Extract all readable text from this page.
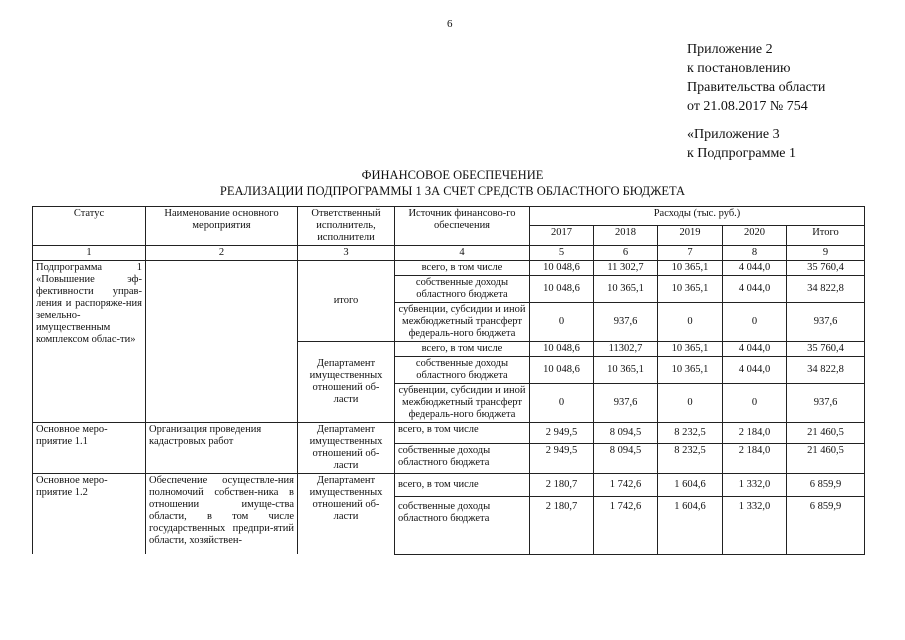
6
Приложение 2
к постановлению
Правительства области
от 21.08.2017 № 754
«Приложение 3
к Подпрограмме 1
ФИНАНСОВОЕ ОБЕСПЕЧЕНИЕ
РЕАЛИЗАЦИИ ПОДПРОГРАММЫ 1 ЗА СЧЕТ СРЕДСТВ ОБЛАСТНОГО БЮДЖЕТА
Статус	Наименование основного мероприятия	Ответственный исполнитель, исполнители	Источник финансово-го обеспечения	Расходы (тыс. руб.)				
				2017	2018	2019	2020	Итого
1	2	3	4	5	6	7	8	9
Подпрограмма 1 «Повышение эф-фективности управ-ления и распоряже-ния земельно-имущественным комплексом облас-ти»		итого	всего, в том числе	10 048,6	11 302,7	10 365,1	4 044,0	35 760,4
			собственные доходы областного бюджета	10 048,6	10 365,1	10 365,1	4 044,0	34 822,8
			субвенции, субсидии и иной межбюджетный трансферт федераль-ного бюджета	0	937,6	0	0	937,6
		Департамент имущественных отношений об-ласти	всего, в том числе	10 048,6	11302,7	10 365,1	4 044,0	35 760,4
			собственные доходы областного бюджета	10 048,6	10 365,1	10 365,1	4 044,0	34 822,8
			субвенции, субсидии и иной межбюджетный трансферт федераль-ного бюджета	0	937,6	0	0	937,6
Основное меро-приятие 1.1	Организация проведения кадастровых работ	Департамент имущественных отношений об-ласти	всего, в том числе	2 949,5	8 094,5	8 232,5	2 184,0	21 460,5
			собственные доходы областного бюджета	2 949,5	8 094,5	8 232,5	2 184,0	21 460,5
Основное меро-приятие 1.2	Обеспечение осуществле-ния полномочий собствен-ника в отношении имуще-ства области, в том числе государственных предпри-ятий области, хозяйствен-	Департамент имущественных отношений об-ласти	всего, в том числе	2 180,7	1 742,6	1 604,6	1 332,0	6 859,9
			собственные доходы областного бюджета	2 180,7	1 742,6	1 604,6	1 332,0	6 859,9
